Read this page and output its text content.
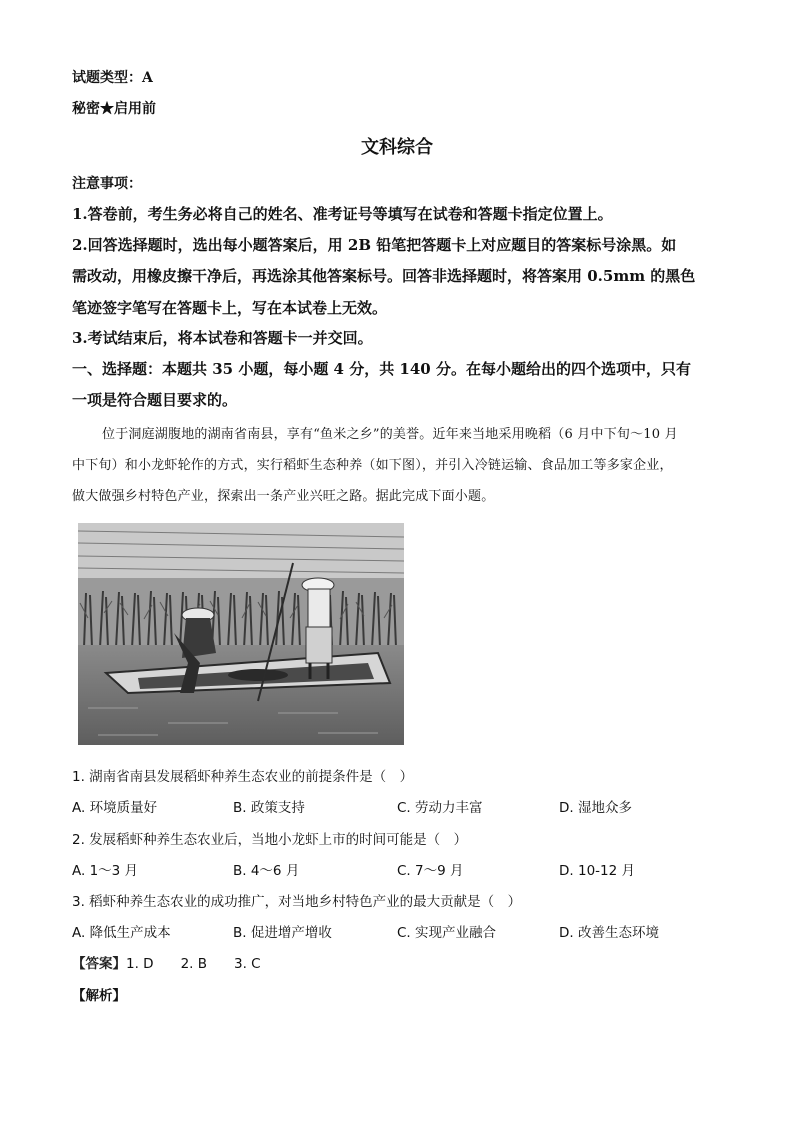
试题类型：A
秘密★启用前
文科综合
注意事项：
1.答卷前，考生务必将自己的姓名、准考证号等填写在试卷和答题卡指定位置上。
2.回答选择题时，选出每小题答案后，用 2B 铅笔把答题卡上对应题目的答案标号涂黑。如
需改动，用橡皮擦干净后，再选涂其他答案标号。回答非选择题时，将答案用 0.5mm 的黑色
笔迹签字笔写在答题卡上，写在本试卷上无效。
3.考试结束后，将本试卷和答题卡一并交回。
一、选择题：本题共 35 小题，每小题 4 分，共 140 分。在每小题给出的四个选项中，只有
一项是符合题目要求的。
位于洞庭湖腹地的湖南省南县，享有“鱼米之乡”的美誉。近年来当地采用晚稻（6 月中下旬～10 月
中下旬）和小龙虾轮作的方式，实行稻虾生态种养（如下图），并引入冷链运输、食品加工等多家企业，
做大做强乡村特色产业，探索出一条产业兴旺之路。据此完成下面小题。
1. 湖南省南县发展稻虾种养生态农业的前提条件是（　）
A. 环境质量好	B. 政策支持	C. 劳动力丰富	D. 湿地众多
2. 发展稻虾种养生态农业后，当地小龙虾上市的时间可能是（　）
A. 1～3 月	B. 4～6 月	C. 7～9 月	D. 10-12 月
3. 稻虾种养生态农业的成功推广，对当地乡村特色产业的最大贡献是（　）
A. 降低生产成本	B. 促进增产增收	C. 实现产业融合	D. 改善生态环境
【答案】1. D　　2. B　　3. C
【解析】
